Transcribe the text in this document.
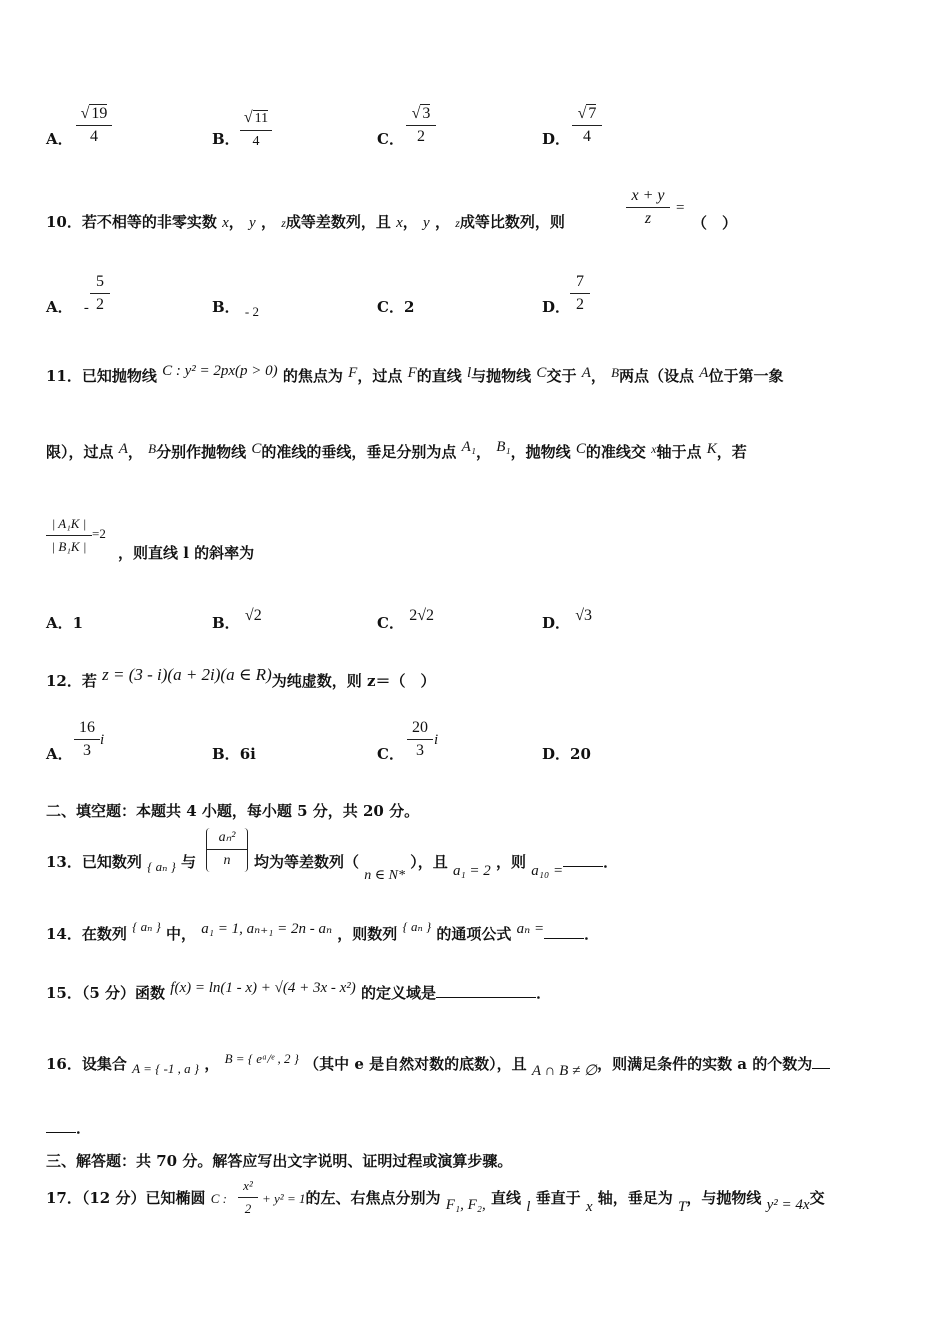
A． $\frac{√ 19}{4}$	B． $\frac{√ 11}{4}$	C． $\frac{√ 3}{2}$	D． $\frac{√ 7}{4}$
10．若不相等的非零实数 x， y ， z成等差数列，且 x， y ， z成等比数列，则	$\frac{x + y}{z}$ =
（　）
A． - $\frac{5}{2}$	B． - 2	C．2	D． $\frac{7}{2}$
11．已知抛物线 C : y² = 2px(p > 0) 的焦点为 F，过点 F的直线 l与抛物线 C交于 A， B两点（设点 A位于第一象
限），过点 A， B分别作抛物线 C的准线的垂线，垂足分别为点 A₁， B₁，抛物线 C的准线交 $^x$轴于点 K，若
$\frac{\text{| A₁K |}}{\text{| B₁K |}} =2$
，则直线 l 的斜率为
A．1	B． √2	C． 2√2	D． √3
12．若 z = (3 - i)(a + 2i)(a ∈ R)为纯虚数，则 z＝（　）
A． $\frac{16}{3}$ i
B．6i	C． $\frac{20}{3}$ i
D．20
二、填空题：本题共 4 小题，每小题 5 分，共 20 分。
13．已知数列 { aₙ } 与 $\frac{\text{aₙ²}}{n}$ 均为等差数列（ n ∈ N* ），且 a₁ = 2 ，则 a₁₀ =	．
14．在数列 { aₙ } 中， a₁ = 1, aₙ₊₁ = 2n - aₙ ，则数列 { aₙ } 的通项公式 aₙ =	．
15．（5 分）函数 f(x) = ln(1 - x) + √(4 + 3x - x²) 的定义域是	．
16．设集合 A = { -1 , a } ， B = { eᵃ/ᵉ , 2 } （其中 e 是自然对数的底数），且 A ∩ B ≠ ∅，则满足条件的实数 a 的个数为
．
三、解答题：共 70 分。解答应写出文字说明、证明过程或演算步骤。
17．（12 分）已知椭圆 C : $\frac{\text{x²}}{2} + y^2 = 1$的左、右焦点分别为 F₁, F₂, 直线 l 垂直于 x 轴，垂足为 T，与抛物线 y² = 4x交
